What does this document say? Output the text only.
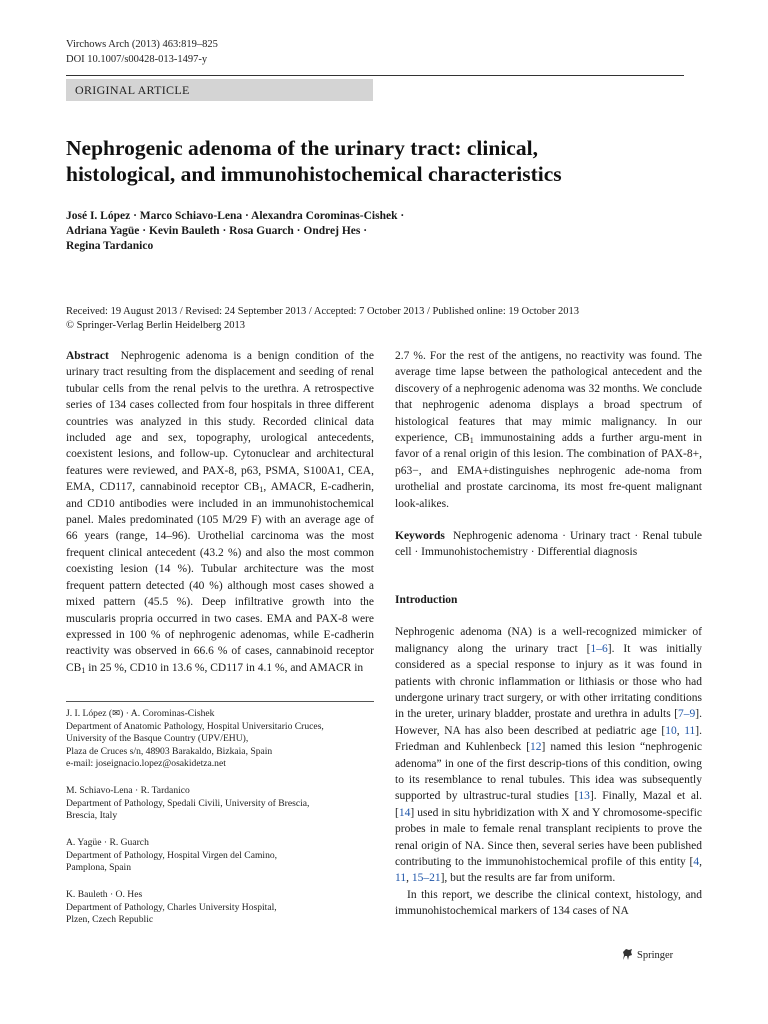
Virchows Arch (2013) 463:819–825
DOI 10.1007/s00428-013-1497-y
ORIGINAL ARTICLE
Nephrogenic adenoma of the urinary tract: clinical,
histological, and immunohistochemical characteristics
José I. López · Marco Schiavo-Lena · Alexandra Corominas-Cishek ·
Adriana Yagüe · Kevin Bauleth · Rosa Guarch · Ondrej Hes ·
Regina Tardanico
Received: 19 August 2013 / Revised: 24 September 2013 / Accepted: 7 October 2013 / Published online: 19 October 2013
© Springer-Verlag Berlin Heidelberg 2013

Abstract Nephrogenic adenoma is a benign condition of the urinary tract resulting from the displacement and seeding of renal tubular cells from the renal pelvis to the urethra. A retrospective series of 134 cases collected from four hospitals in three different countries was analyzed in this study. Recorded clinical data included age and sex, topography, urological antecedents, coexistent lesions, and follow-up. Cytonuclear and architectural features were reviewed, and PAX-8, p63, PSMA, S100A1, CEA, EMA, CD117, cannabinoid receptor $CB_1$, AMACR, E-cadherin, and CD10 antibodies were included in an immunohistochemical panel. Males predominated (105 M/29 F) with an average age of 66 years (range, 14–96). Urothelial carcinoma was the most frequent clinical antecedent (43.2 %) and also the most common coexisting lesion (14 %). Tubular architecture was the most frequent pattern detected (40 %) although most cases showed a mixed pattern (45.5 %). Deep infiltrative growth into the muscularis propria occurred in two cases. EMA and PAX-8 were expressed in 100 % of nephrogenic adenomas, while E-cadherin reactivity was observed in 66.6 % of cases, cannabinoid receptor $CB_1$ in 25 %, CD10 in 13.6 %, CD117 in 4.1 %, and AMACR in

J. I. López (✉) · A. Corominas-Cishek
Department of Anatomic Pathology, Hospital Universitario Cruces,
University of the Basque Country (UPV/EHU),
Plaza de Cruces s/n, 48903 Barakaldo, Bizkaia, Spain
e-mail: joseignacio.lopez@osakidetza.net
M. Schiavo-Lena · R. Tardanico
Department of Pathology, Spedali Civili, University of Brescia,
Brescia, Italy
A. Yagüe · R. Guarch
Department of Pathology, Hospital Virgen del Camino,
Pamplona, Spain
K. Bauleth · O. Hes
Department of Pathology, Charles University Hospital,
Plzen, Czech Republic

2.7 %. For the rest of the antigens, no reactivity was found. The average time lapse between the pathological antecedent and the discovery of a nephrogenic adenoma was 32 months. We conclude that nephrogenic adenoma displays a broad spectrum of histological features that may mimic malignancy. In our experience, $CB_1$ immunostaining adds a further argu-ment in favor of a renal origin of this lesion. The combination of PAX-8+, p63−, and EMA+distinguishes nephrogenic ade-noma from urothelial and prostate carcinoma, its most fre-quent malignant look-alikes.

Keywords Nephrogenic adenoma · Urinary tract · Renal tubule cell · Immunohistochemistry · Differential diagnosis

Introduction

Nephrogenic adenoma (NA) is a well-recognized mimicker of malignancy along the urinary tract [1–6]. It was initially considered as a special response to injury as it was found in patients with chronic inflammation or lithiasis or those who had undergone urinary tract surgery, or with other irritating conditions in the ureter, urinary bladder, prostate and urethra in adults [7–9]. However, NA has also been described at pediatric age [10, 11]. Friedman and Kuhlenbeck [12] named this lesion “nephrogenic adenoma” in one of the first descrip-tions of this condition, owing to its resemblance to renal tubules. This idea was subsequently supported by ultrastruc-tural studies [13]. Finally, Mazal et al. [14] used in situ hybridization with X and Y chromosome-specific probes in male to female renal transplant recipients to prove the renal origin of NA. Since then, several series have been published contributing to the immunohistochemical profile of this entity [4, 11, 15–21], but the results are far from uniform.

In this report, we describe the clinical context, histology, and immunohistochemical markers of 134 cases of NA

Springer
